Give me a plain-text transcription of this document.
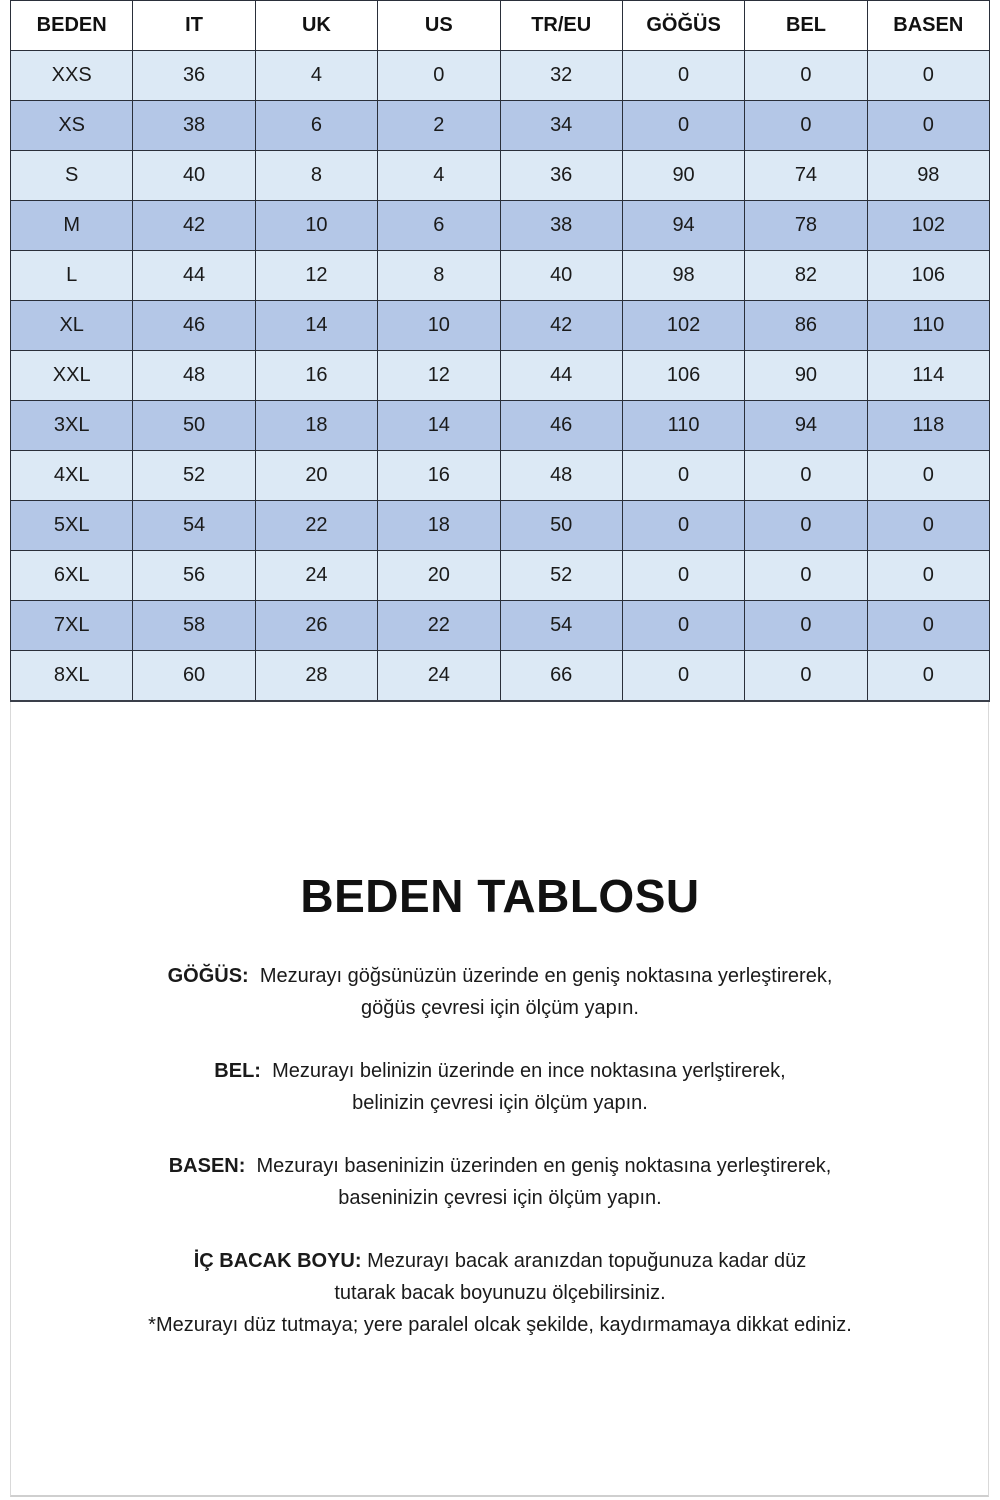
BEDEN	IT	UK	US	TR/EU	GÖĞÜS	BEL	BASEN
XXS	36	4	0	32	0	0	0
XS	38	6	2	34	0	0	0
S	40	8	4	36	90	74	98
M	42	10	6	38	94	78	102
L	44	12	8	40	98	82	106
XL	46	14	10	42	102	86	110
XXL	48	16	12	44	106	90	114
3XL	50	18	14	46	110	94	118
4XL	52	20	16	48	0	0	0
5XL	54	22	18	50	0	0	0
6XL	56	24	20	52	0	0	0
7XL	58	26	22	54	0	0	0
8XL	60	28	24	66	0	0	0
BEDEN TABLOSU
GÖĞÜS: Mezurayı göğsünüzün üzerinde en geniş noktasına yerleştirerek,
göğüs çevresi için ölçüm yapın.
BEL: Mezurayı belinizin üzerinde en ince noktasına yerlştirerek,
belinizin çevresi için ölçüm yapın.
BASEN: Mezurayı baseninizin üzerinden en geniş noktasına yerleştirerek,
baseninizin çevresi için ölçüm yapın.
İÇ BACAK BOYU: Mezurayı bacak aranızdan topuğunuza kadar düz
tutarak bacak boyunuzu ölçebilirsiniz.
*Mezurayı düz tutmaya; yere paralel olcak şekilde, kaydırmamaya dikkat ediniz.
